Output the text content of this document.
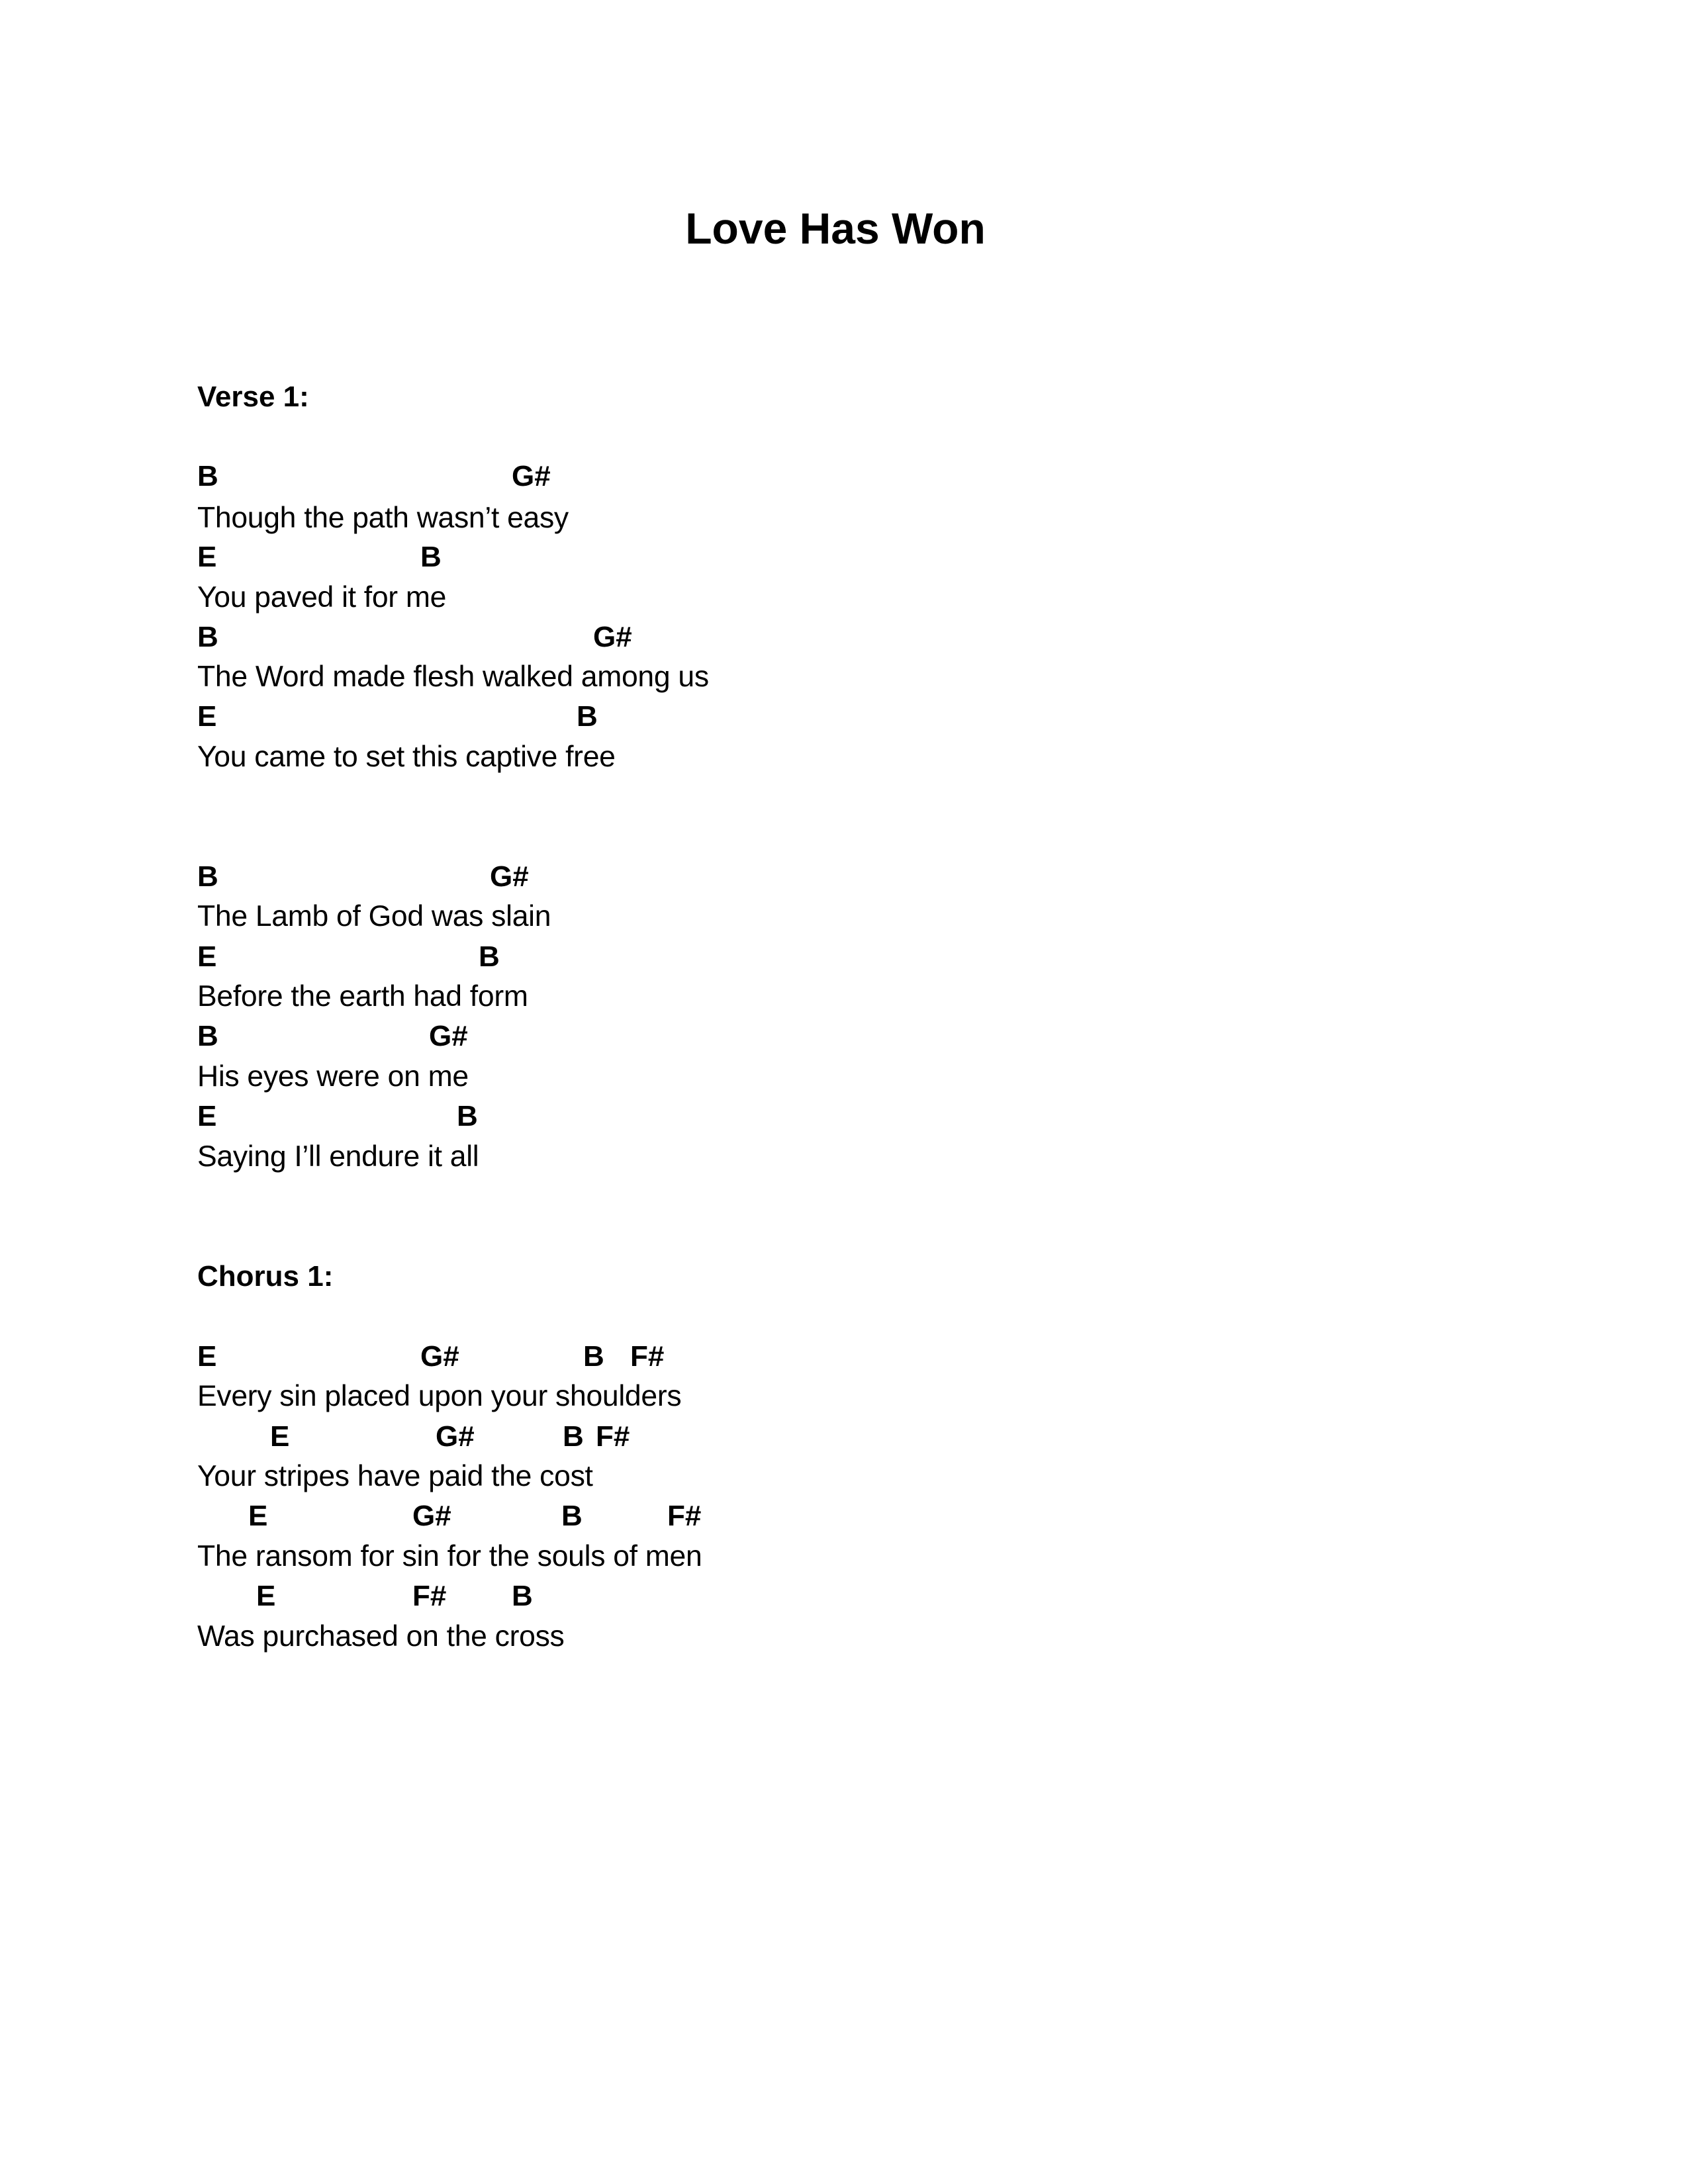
Love Has Won
Verse 1:
B	G#
Though the path wasn’t easy
E	B
You paved it for me
B	G#
The Word made flesh walked among us
E	B
You came to set this captive free
B	G#
The Lamb of God was slain
E	B
Before the earth had form
B	G#
His eyes were on me
E	B
Saying I’ll endure it all
Chorus 1:
E	G#	B F#
Every sin placed upon your shoulders
E	G#	B F#
Your stripes have paid the cost
E	G#	B	F#
The ransom for sin for the souls of men
E	F# B
Was purchased on the cross
